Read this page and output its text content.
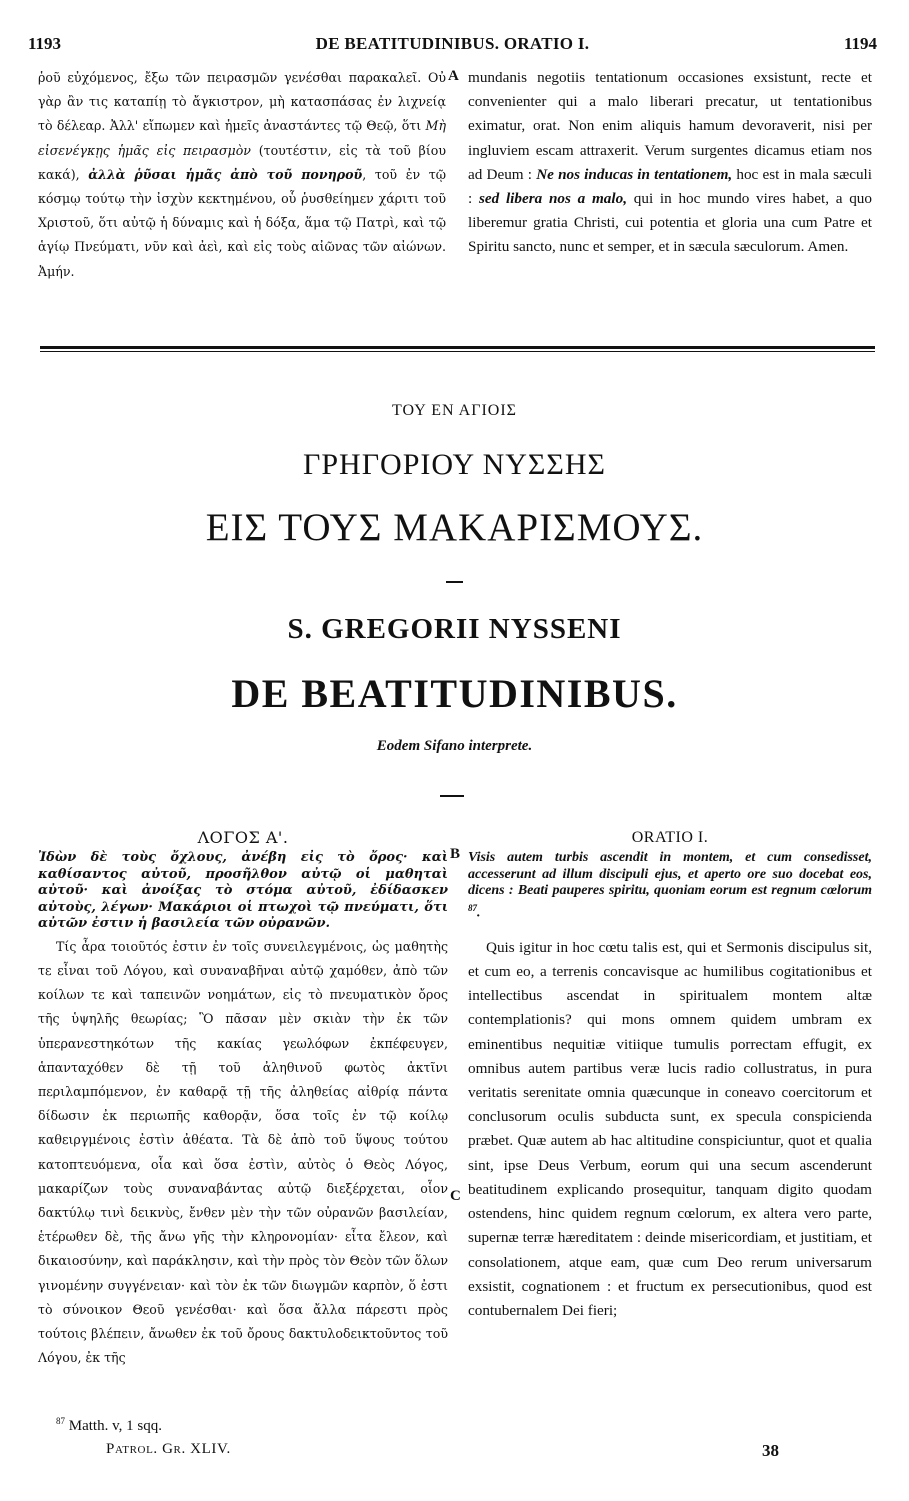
1193	DE BEATITUDINIBUS. ORATIO I.	1194

ῥοῦ εὐχόμενος, ἔξω τῶν πειρασμῶν γενέσθαι παρακαλεῖ. Οὐ γὰρ ἂν τις καταπίῃ τὸ ἄγκιστρον, μὴ κατασπάσας ἐν λιχνείᾳ τὸ δέλεαρ. Ἀλλ' εἴπωμεν καὶ ἡμεῖς ἀναστάντες τῷ Θεῷ, ὅτι Μὴ εἰσενέγκῃς ἡμᾶς εἰς πειρασμὸν (τουτέστιν, εἰς τὰ τοῦ βίου κακά), ἀλλὰ ῥῦσαι ἡμᾶς ἀπὸ τοῦ πονηροῦ, τοῦ ἐν τῷ κόσμῳ τούτῳ τὴν ἰσχὺν κεκτημένου, οὗ ῥυσθείημεν χάριτι τοῦ Χριστοῦ, ὅτι αὐτῷ ἡ δύναμις καὶ ἡ δόξα, ἅμα τῷ Πατρὶ, καὶ τῷ ἁγίῳ Πνεύματι, νῦν καὶ ἀεὶ, καὶ εἰς τοὺς αἰῶνας τῶν αἰώνων. Ἀμήν.

A mundanis negotiis tentationum occasiones exsistunt, recte et convenienter qui a malo liberari precatur, ut tentationibus eximatur, orat. Non enim aliquis hamum devoraverit, nisi per ingluviem escam attraxerit. Verum surgentes dicamus etiam nos ad Deum : Ne nos inducas in tentationem, hoc est in mala sæculi : sed libera nos a malo, qui in hoc mundo vires habet, a quo liberemur gratia Christi, cui potentia et gloria una cum Patre et Spiritu sancto, nunc et semper, et in sæcula sæculorum. Amen.

ΤΟΥ ΕΝ ΑΓΙΟΙΣ
ΓΡΗΓΟΡΙΟΥ ΝΥΣΣΗΣ
ΕΙΣ ΤΟΥΣ ΜΑΚΑΡΙΣΜΟΥΣ.
S. GREGORII NYSSENI
DE BEATITUDINIBUS.
Eodem Sifano interprete.

ΛΟΓΟΣ Α'.

Ἰδὼν δὲ τοὺς ὄχλους, ἀνέβη εἰς τὸ ὄρος· καὶ καθίσαντος αὐτοῦ, προσῆλθον αὐτῷ οἱ μαθηταὶ αὐτοῦ· καὶ ἀνοίξας τὸ στόμα αὐτοῦ, ἐδίδασκεν αὐτοὺς, λέγων· Μακάριοι οἱ πτωχοὶ τῷ πνεύματι, ὅτι αὐτῶν ἐστιν ἡ βασιλεία τῶν οὐρανῶν.

Τίς ἆρα τοιοῦτός ἐστιν ἐν τοῖς συνειλεγμένοις, ὡς μαθητὴς τε εἶναι τοῦ Λόγου, καὶ συναναβῆναι αὐτῷ χαμόθεν, ἀπὸ τῶν κοίλων τε καὶ ταπεινῶν νοημάτων, εἰς τὸ πνευματικὸν ὄρος τῆς ὑψηλῆς θεωρίας; Ὃ πᾶσαν μὲν σκιὰν τὴν ἐκ τῶν ὑπερανεστηκότων τῆς κακίας γεωλόφων ἐκπέφευγεν, ἁπανταχόθεν δὲ τῇ τοῦ ἀληθινοῦ φωτὸς ἀκτῖνι περιλαμπόμενον, ἐν καθαρᾷ τῇ τῆς ἀληθείας αἰθρίᾳ πάντα δίδωσιν ἐκ περιωπῆς καθορᾷν, ὅσα τοῖς ἐν τῷ κοίλῳ καθειργμένοις ἐστὶν ἀθέατα. Τὰ δὲ ἀπὸ τοῦ ὕψους τούτου κατοπτευόμενα, οἷα καὶ ὅσα ἐστὶν, αὐτὸς ὁ Θεὸς Λόγος, μακαρίζων τοὺς συναναβάντας αὐτῷ διεξέρχεται, οἷον δακτύλῳ τινὶ δεικνὺς, ἔνθεν μὲν τὴν τῶν οὐρανῶν βασιλείαν, ἑτέρωθεν δὲ, τῆς ἄνω γῆς τὴν κληρονομίαν· εἶτα ἔλεον, καὶ δικαιοσύνην, καὶ παράκλησιν, καὶ τὴν πρὸς τὸν Θεὸν τῶν ὅλων γινομένην συγγένειαν· καὶ τὸν ἐκ τῶν διωγμῶν καρπὸν, ὅ ἐστι τὸ σύνοικον Θεοῦ γενέσθαι· καὶ ὅσα ἄλλα πάρεστι πρὸς τούτοις βλέπειν, ἄνωθεν ἐκ τοῦ ὄρους δακτυλοδεικτοῦντος τοῦ Λόγου, ἐκ τῆς

B
C

ORATIO I.

Visis autem turbis ascendit in montem, et cum consedisset, accesserunt ad illum discipuli ejus, et aperto ore suo docebat eos, dicens : Beati pauperes spiritu, quoniam eorum est regnum cœlorum $^{87}$.

Quis igitur in hoc cœtu talis est, qui et Sermonis discipulus sit, et cum eo, a terrenis concavisque ac humilibus cogitationibus et intellectibus ascendat in spiritualem montem altæ contemplationis? qui mons omnem quidem umbram ex eminentibus nequitiæ vitiique tumulis porrectam effugit, ex omnibus autem partibus veræ lucis radio collustratus, in pura veritatis serenitate omnia quæcunque in coneavo coercitorum et conclusorum oculis subducta sunt, ex specula conspicienda præbet. Quæ autem ab hac altitudine conspiciuntur, quot et qualia sint, ipse Deus Verbum, eorum qui una secum ascenderunt beatitudinem explicando prosequitur, tanquam digito quodam ostendens, hinc quidem regnum cœlorum, ex altera vero parte, supernæ terræ hæreditatem : deinde misericordiam, et justitiam, et consolationem, atque eam, quæ cum Deo rerum universarum exsistit, cognationem : et fructum ex persecutionibus, quod est contubernalem Dei fieri;

$^{87}$ Matth. v, 1 sqq.
Patrol. Gr. XLIV.	38
